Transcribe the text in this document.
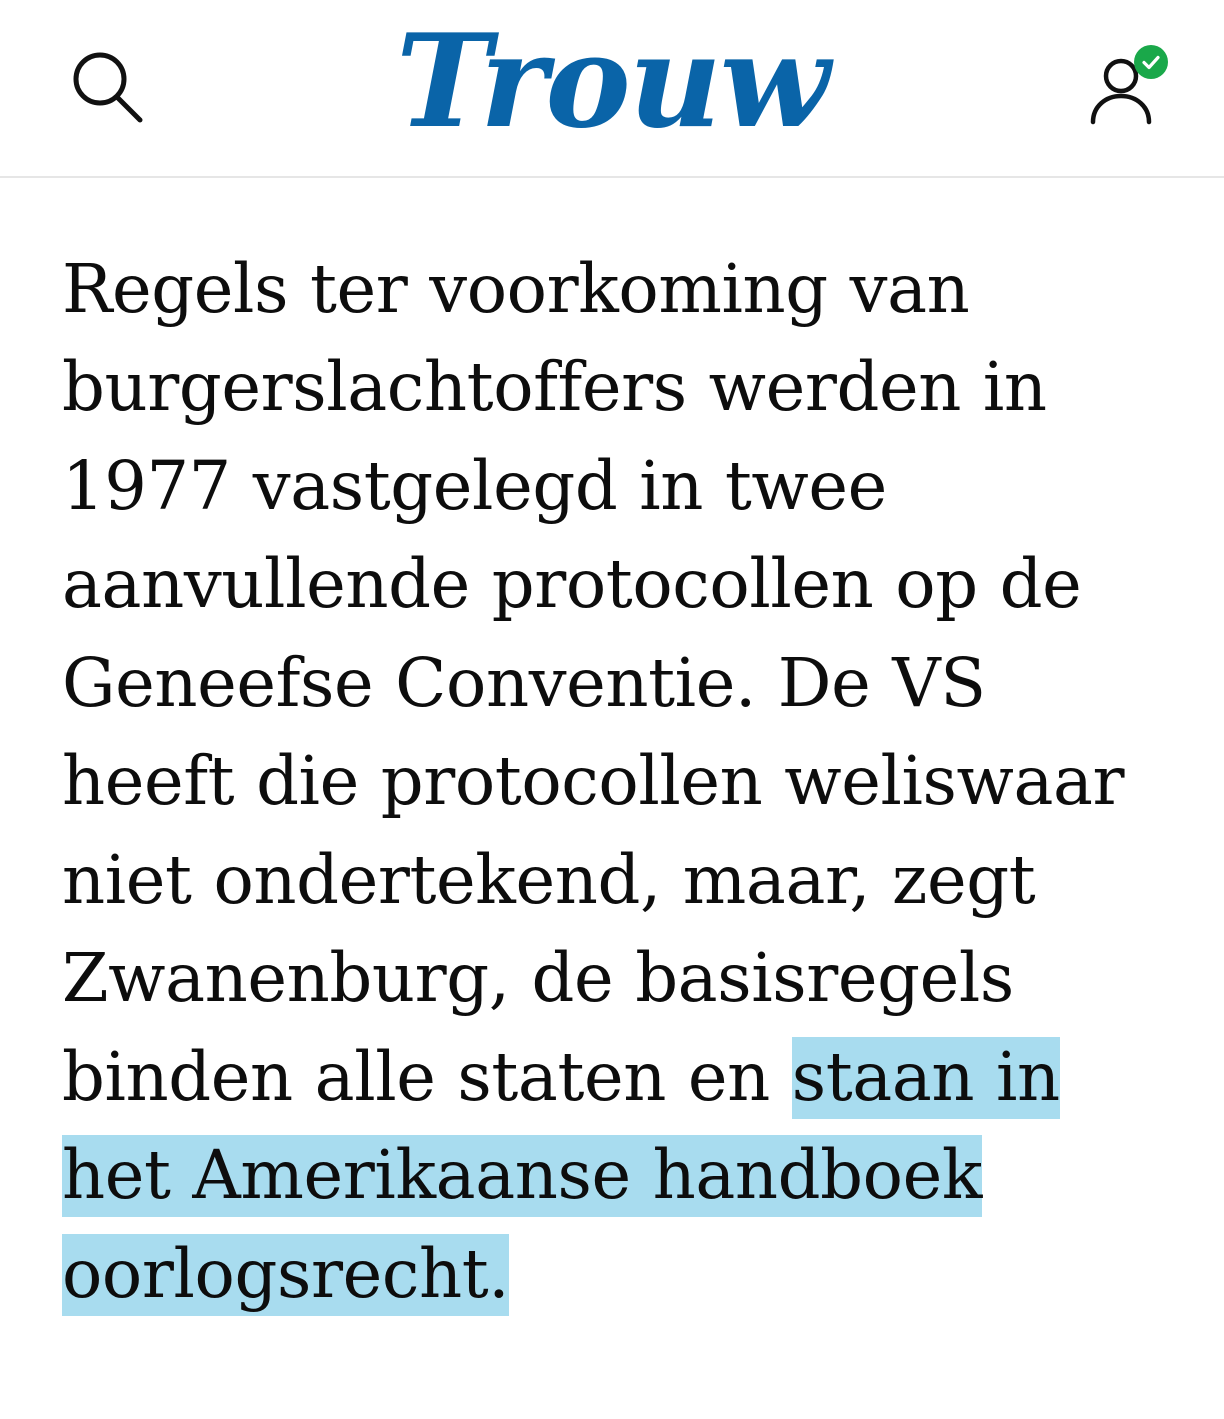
Trouw

Regels ter voorkoming van burgerslachtoffers werden in 1977 vastgelegd in twee aanvullende protocollen op de Geneefse Conventie. De VS heeft die protocollen weliswaar niet ondertekend, maar, zegt Zwanenburg, de basisregels binden alle staten en staan in het Amerikaanse handboek oorlogsrecht.
